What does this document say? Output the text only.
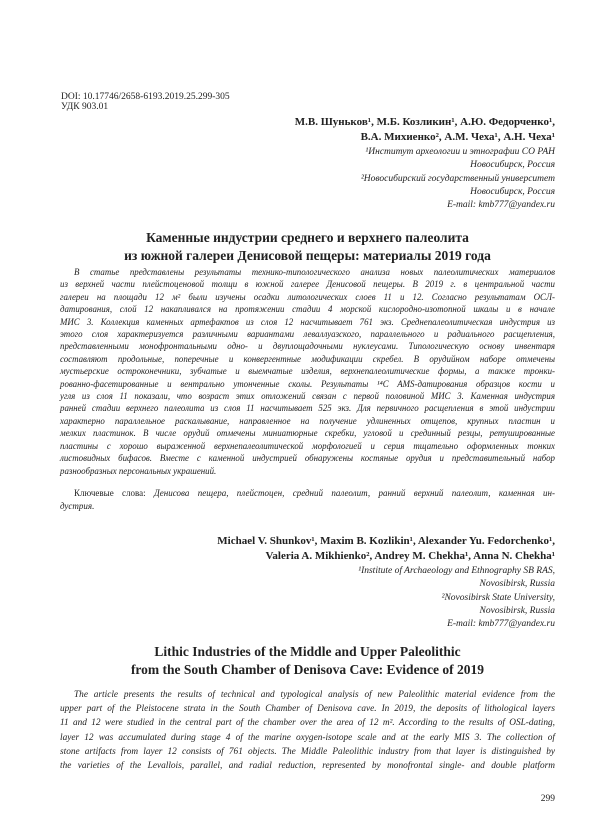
DOI: 10.17746/2658-6193.2019.25.299-305
УДК 903.01
М.В. Шуньков¹, М.Б. Козликин¹, А.Ю. Федорченко¹,
В.А. Михиенко², А.М. Чеха¹, А.Н. Чеха¹
¹Институт археологии и этнографии СО РАН
Новосибирск, Россия
²Новосибирский государственный университет
Новосибирск, Россия
E-mail: kmb777@yandex.ru
Каменные индустрии среднего и верхнего палеолита
из южной галереи Денисовой пещеры: материалы 2019 года
В статье представлены результаты технико-типологического анализа новых палеолитических материалов
из верхней части плейстоценовой толщи в южной галерее Денисовой пещеры. В 2019 г. в центральной части
галереи на площади 12 м² были изучены осадки литологических слоев 11 и 12. Согласно результатам ОСЛ-
датирования, слой 12 накапливался на протяжении стадии 4 морской кислородно-изотопной шкалы и в начале
МИС 3. Коллекция каменных артефактов из слоя 12 насчитывает 761 экз. Среднепалеолитическая индустрия из
этого слоя характеризуется различными вариантами леваллуазского, параллельного и радиального расщепления,
представленными монофронтальными одно- и двуплощадочными нуклеусами. Типологическую основу инвентаря
составляют продольные, поперечные и конвергентные модификации скребел. В орудийном наборе отмечены
мустьерские остроконечники, зубчатые и выемчатые изделия, верхнепалеолитические формы, а также тронки-
рованно-фасетированные и вентрально утонченные сколы. Результаты ¹⁴C AMS-датирования образцов кости и
угля из слоя 11 показали, что возраст этих отложений связан с первой половиной МИС 3. Каменная индустрия
ранней стадии верхнего палеолита из слоя 11 насчитывает 525 экз. Для первичного расщепления в этой индустрии
характерно параллельное раскалывание, направленное на получение удлиненных отщепов, крупных пластин и
мелких пластинок. В числе орудий отмечены миниатюрные скребки, угловой и срединный резцы, ретушированные
пластины с хорошо выраженной верхнепалеолитической морфологией и серия тщательно оформленных тонких
листовидных бифасов. Вместе с каменной индустрией обнаружены костяные орудия и представительный набор
разнообразных персональных украшений.
Ключевые слова: Денисова пещера, плейстоцен, средний палеолит, ранний верхний палеолит, каменная ин-
дустрия.
Michael V. Shunkov¹, Maxim B. Kozlikin¹, Alexander Yu. Fedorchenko¹,
Valeria A. Mikhienko², Andrey M. Chekha¹, Anna N. Chekha¹
¹Institute of Archaeology and Ethnography SB RAS,
Novosibirsk, Russia
²Novosibirsk State University,
Novosibirsk, Russia
E-mail: kmb777@yandex.ru
Lithic Industries of the Middle and Upper Paleolithic
from the South Chamber of Denisova Cave: Evidence of 2019
The article presents the results of technical and typological analysis of new Paleolithic material evidence from the
upper part of the Pleistocene strata in the South Chamber of Denisova cave. In 2019, the deposits of lithological layers
11 and 12 were studied in the central part of the chamber over the area of 12 m². According to the results of OSL-dating,
layer 12 was accumulated during stage 4 of the marine oxygen-isotope scale and at the early MIS 3. The collection of
stone artifacts from layer 12 consists of 761 objects. The Middle Paleolithic industry from that layer is distinguished by
the varieties of the Levallois, parallel, and radial reduction, represented by monofrontal single- and double platform
299
